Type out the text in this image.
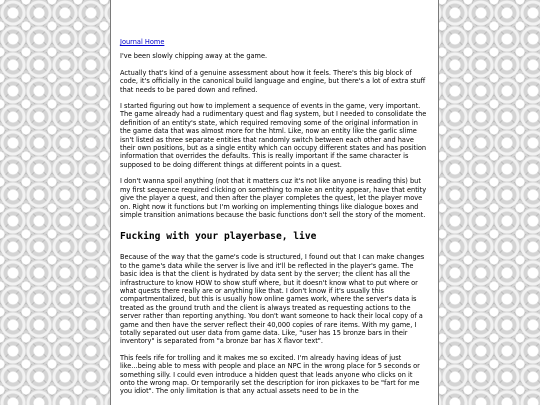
Journal Home

I've been slowly chipping away at the game.

Actually that's kind of a genuine assessment about how it feels. There's this big block of code, it's officially in the canonical build language and engine, but there's a lot of extra stuff that needs to be pared down and refined.

I started figuring out how to implement a sequence of events in the game, very important. The game already had a rudimentary quest and flag system, but I needed to consolidate the definition of an entity's state, which required removing some of the original information in the game data that was almost more for the html. Like, now an entity like the garlic slime isn't listed as three separate entities that randomly switch between each other and have their own positions, but as a single entity which can occupy different states and has position information that overrides the defaults. This is really important if the same character is supposed to be doing different things at different points in a quest.

I don't wanna spoil anything (not that it matters cuz it's not like anyone is reading this) but my first sequence required clicking on something to make an entity appear, have that entity give the player a quest, and then after the player completes the quest, let the player move on. Right now it functions but I'm working on implementing things like dialogue boxes and simple transition animations because the basic functions don't sell the story of the moment.

Fucking with your playerbase, live

Because of the way that the game's code is structured, I found out that I can make changes to the game's data while the server is live and it'll be reflected in the player's game. The basic idea is that the client is hydrated by data sent by the server; the client has all the infrastructure to know HOW to show stuff where, but it doesn't know what to put where or what quests there really are or anything like that. I don't know if it's usually this compartmentalized, but this is usually how online games work, where the server's data is treated as the ground truth and the client is always treated as requesting actions to the server rather than reporting anything. You don't want someone to hack their local copy of a game and then have the server reflect their 40,000 copies of rare items. With my game, I totally separated out user data from game data. Like, "user has 15 bronze bars in their inventory" is separated from "a bronze bar has X flavor text".

This feels rife for trolling and it makes me so excited. I'm already having ideas of just like...being able to mess with people and place an NPC in the wrong place for 5 seconds or something silly. I could even introduce a hidden quest that leads anyone who clicks on it onto the wrong map. Or temporarily set the description for iron pickaxes to be "fart for me you idiot". The only limitation is that any actual assets need to be in the
